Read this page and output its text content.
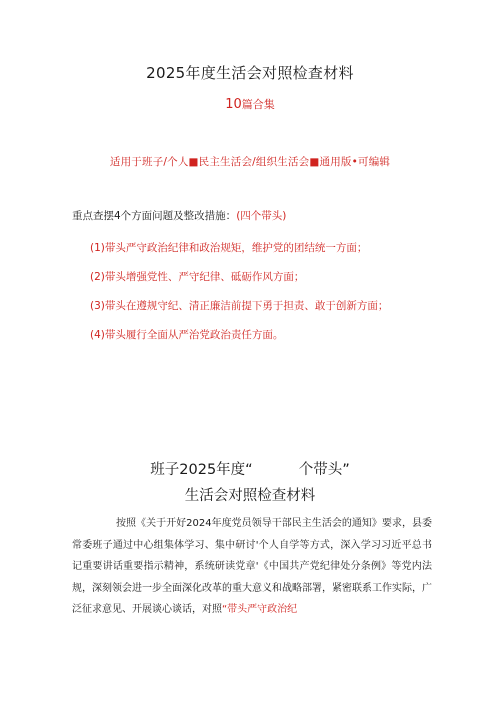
2025年度生活会对照检查材料
10篇合集
适用于班子/个人■民主生活会/组织生活会■通用版•可编辑
重点查摆4个方面问题及整改措施：(四个带头)
(1)带头严守政治纪律和政治规矩，维护党的团结统一方面；
(2)带头增强党性、严守纪律、砥砺作风方面；
(3)带头在遵规守纪、清正廉洁前提下勇于担责、敢于创新方面；
(4)带头履行全面从严治党政治责任方面。
班子2025年度“	个带头”
生活会对照检查材料
按照《关于开好2024年度党员领导干部民主生活会的通知》要求，县委常委班子通过中心组集体学习、集中研讨'个人自学等方式，深入学习习近平总书记重要讲话重要指示精神，系统研读党章'《中国共产党纪律处分条例》等党内法规，深刻领会进一步全面深化改革的重大意义和战略部署，紧密联系工作实际，广泛征求意见、开展谈心谈话，对照“带头严守政治纪
